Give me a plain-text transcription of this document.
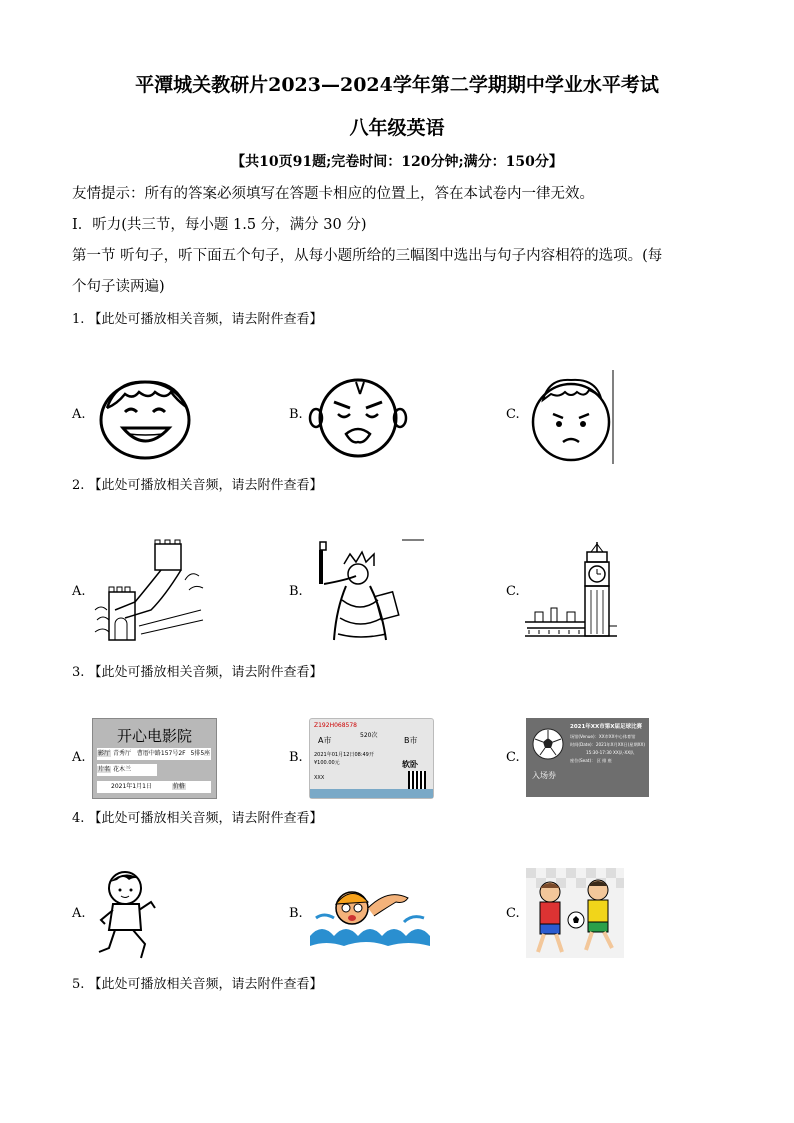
平潭城关教研片2023—2024学年第二学期期中学业水平考试
八年级英语
【共10页91题;完卷时间：120分钟;满分：150分】
友情提示：所有的答案必须填写在答题卡相应的位置上，答在本试卷内一律无效。
Ⅰ．听力(共三节，每小题 1.5 分，满分 30 分)
第一节 听句子，听下面五个句子，从每小题所给的三幅图中选出与句子内容相符的选项。(每
个句子读两遍)
1. 【此处可播放相关音频，请去附件查看】
A.	B.	C.
2. 【此处可播放相关音频，请去附件查看】
A.	B.	C.
3. 【此处可播放相关音频，请去附件查看】
A.	B.	C.
开心电影院
影厅 青秀厅 曹厝中路157号2F 5排5座
片名 花木兰
2021年1月1日	价格
Z192H068578
A市
520次
B市
2021年01月12日08:49开
¥100.00元	软卧
XXX
2021年XX市第X届足球比赛
场馆(Venue)：XX市XX中心体育馆
时间(Date)：2021年X月XX日(星期XX)
15:30-17:30 XX队-XX队
座位(Seat)： 区 排 座
入场券
4. 【此处可播放相关音频，请去附件查看】
A.	B.	C.
5. 【此处可播放相关音频，请去附件查看】
